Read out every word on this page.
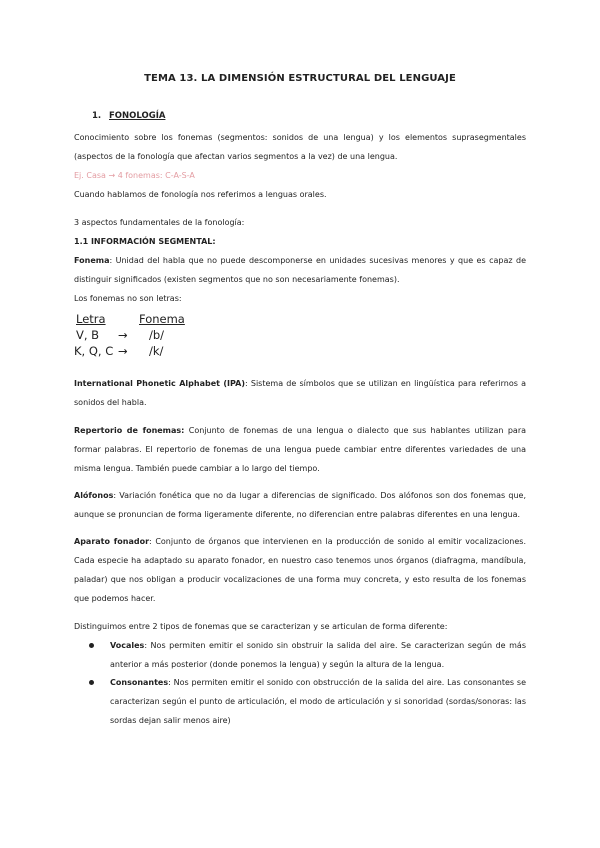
TEMA 13. LA DIMENSIÓN ESTRUCTURAL DEL LENGUAJE
1. FONOLOGÍA
Conocimiento sobre los fonemas (segmentos: sonidos de una lengua) y los elementos suprasegmentales (aspectos de la fonología que afectan varios segmentos a la vez) de una lengua.
Ej. Casa → 4 fonemas: C-A-S-A
Cuando hablamos de fonología nos referimos a lenguas orales.
3 aspectos fundamentales de la fonología:
1.1 INFORMACIÓN SEGMENTAL:
Fonema: Unidad del habla que no puede descomponerse en unidades sucesivas menores y que es capaz de distinguir significados (existen segmentos que no son necesariamente fonemas).
Los fonemas no son letras:
Letra	Fonema
V, B → /b/
K, Q, C → /k/
International Phonetic Alphabet (IPA): Sistema de símbolos que se utilizan en lingüística para referirnos a sonidos del habla.
Repertorio de fonemas: Conjunto de fonemas de una lengua o dialecto que sus hablantes utilizan para formar palabras. El repertorio de fonemas de una lengua puede cambiar entre diferentes variedades de una misma lengua. También puede cambiar a lo largo del tiempo.
Alófonos: Variación fonética que no da lugar a diferencias de significado. Dos alófonos son dos fonemas que, aunque se pronuncian de forma ligeramente diferente, no diferencian entre palabras diferentes en una lengua.
Aparato fonador: Conjunto de órganos que intervienen en la producción de sonido al emitir vocalizaciones. Cada especie ha adaptado su aparato fonador, en nuestro caso tenemos unos órganos (diafragma, mandíbula, paladar) que nos obligan a producir vocalizaciones de una forma muy concreta, y esto resulta de los fonemas que podemos hacer.
Distinguimos entre 2 tipos de fonemas que se caracterizan y se articulan de forma diferente:
Vocales: Nos permiten emitir el sonido sin obstruir la salida del aire. Se caracterizan según de más anterior a más posterior (donde ponemos la lengua) y según la altura de la lengua.
Consonantes: Nos permiten emitir el sonido con obstrucción de la salida del aire. Las consonantes se caracterizan según el punto de articulación, el modo de articulación y si sonoridad (sordas/sonoras: las sordas dejan salir menos aire)
